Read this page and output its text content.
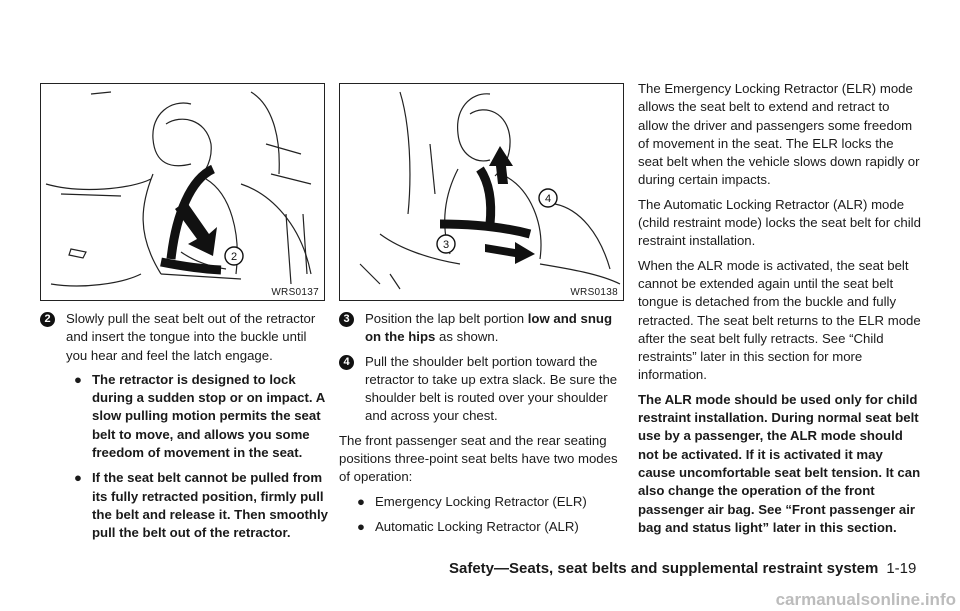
2
WRS0137
4
3
WRS0138
2	Slowly pull the seat belt out of the retractor and insert the tongue into the buckle until you hear and feel the latch engage.
● The retractor is designed to lock during a sudden stop or on impact. A slow pulling motion permits the seat belt to move, and allows you some freedom of movement in the seat.
● If the seat belt cannot be pulled from its fully retracted position, firmly pull the belt and release it. Then smoothly pull the belt out of the retractor.
3	Position the lap belt portion low and snug on the hips as shown.
4	Pull the shoulder belt portion toward the retractor to take up extra slack. Be sure the shoulder belt is routed over your shoulder and across your chest.

The front passenger seat and the rear seating positions three-point seat belts have two modes of operation:

● Emergency Locking Retractor (ELR)
● Automatic Locking Retractor (ALR)

The Emergency Locking Retractor (ELR) mode allows the seat belt to extend and retract to allow the driver and passengers some freedom of movement in the seat. The ELR locks the seat belt when the vehicle slows down rapidly or during certain impacts.

The Automatic Locking Retractor (ALR) mode (child restraint mode) locks the seat belt for child restraint installation.

When the ALR mode is activated, the seat belt cannot be extended again until the seat belt tongue is detached from the buckle and fully retracted. The seat belt returns to the ELR mode after the seat belt fully retracts. See “Child restraints” later in this section for more information.

The ALR mode should be used only for child restraint installation. During normal seat belt use by a passenger, the ALR mode should not be activated. If it is activated it may cause uncomfortable seat belt tension. It can also change the operation of the front passenger air bag. See “Front passenger air bag and status light” later in this section.

Safety—Seats, seat belts and supplemental restraint system 1-19
carmanualsonline.info
